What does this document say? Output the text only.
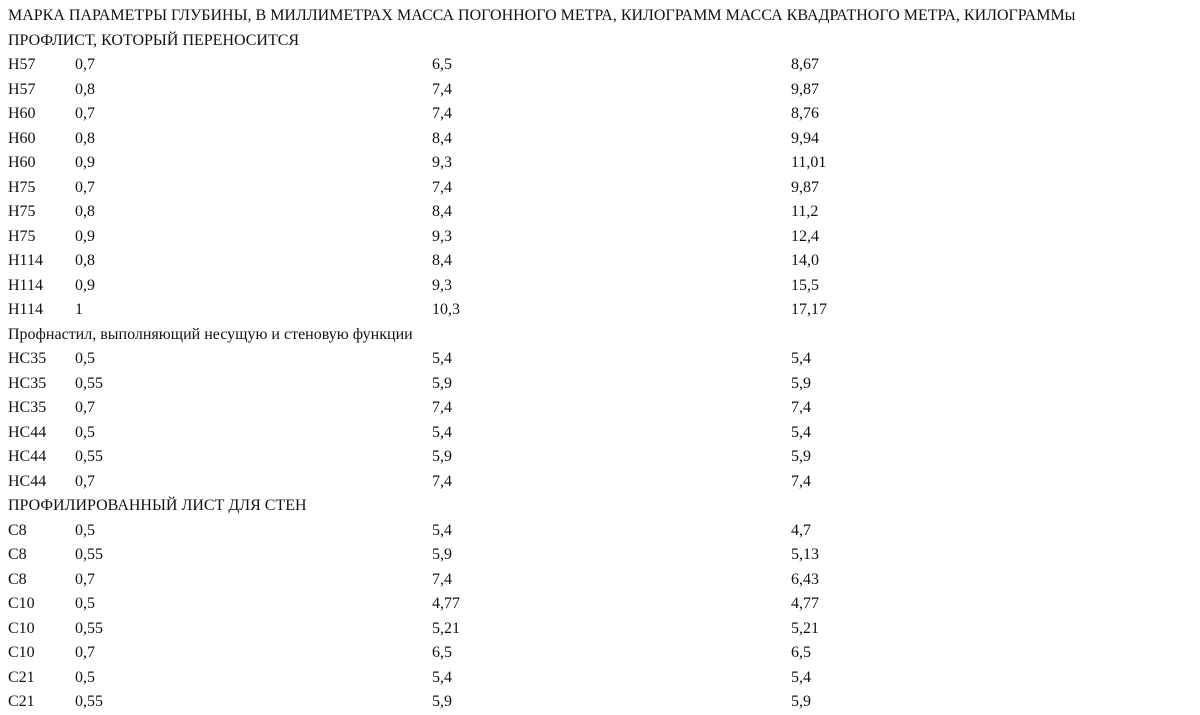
МАРКА ПАРАМЕТРЫ ГЛУБИНЫ, В МИЛЛИМЕТРАХ МАССА ПОГОННОГО МЕТРА, КИЛОГРАММ МАССА КВАДРАТНОГО МЕТРА, КИЛОГРАММы
ПРОФЛИСТ, КОТОРЫЙ ПЕРЕНОСИТСЯ
Н57 0,7	6,5	8,67
Н57 0,8	7,4	9,87
Н60 0,7	7,4	8,76
Н60 0,8	8,4	9,94
Н60 0,9	9,3	11,01
Н75 0,7	7,4	9,87
Н75 0,8	8,4	11,2
Н75 0,9	9,3	12,4
Н114 0,8	8,4	14,0
Н114 0,9	9,3	15,5
Н114 1	10,3	17,17
Профнастил, выполняющий несущую и стеновую функции
НС35 0,5	5,4	5,4
НС35 0,55	5,9	5,9
НС35 0,7	7,4	7,4
НС44 0,5	5,4	5,4
НС44 0,55	5,9	5,9
НС44 0,7	7,4	7,4
ПРОФИЛИРОВАННЫЙ ЛИСТ ДЛЯ СТЕН
С8	0,5	5,4	4,7
С8	0,55	5,9	5,13
С8	0,7	7,4	6,43
С10	0,5	4,77	4,77
С10	0,55	5,21	5,21
С10	0,7	6,5	6,5
С21	0,5	5,4	5,4
С21	0,55	5,9	5,9
